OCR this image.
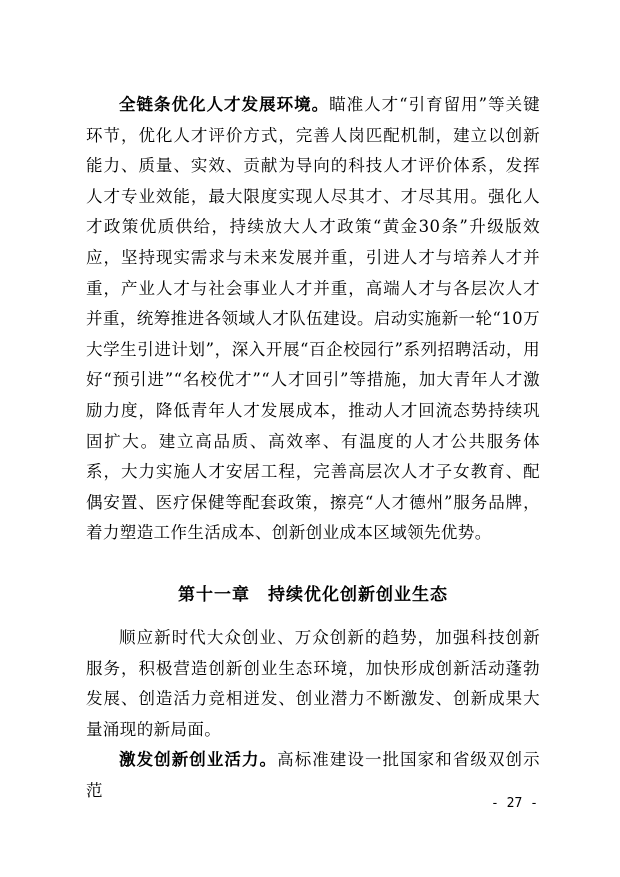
全链条优化人才发展环境。瞄准人才“引育留用”等关键环节，优化人才评价方式，完善人岗匹配机制，建立以创新能力、质量、实效、贡献为导向的科技人才评价体系，发挥人才专业效能，最大限度实现人尽其才、才尽其用。强化人才政策优质供给，持续放大人才政策“黄金30条”升级版效应，坚持现实需求与未来发展并重，引进人才与培养人才并重，产业人才与社会事业人才并重，高端人才与各层次人才并重，统筹推进各领域人才队伍建设。启动实施新一轮“10万大学生引进计划”，深入开展“百企校园行”系列招聘活动，用好“预引进”“名校优才”“人才回引”等措施，加大青年人才激励力度，降低青年人才发展成本，推动人才回流态势持续巩固扩大。建立高品质、高效率、有温度的人才公共服务体系，大力实施人才安居工程，完善高层次人才子女教育、配偶安置、医疗保健等配套政策，擦亮“人才德州”服务品牌，着力塑造工作生活成本、创新创业成本区域领先优势。

第十一章　持续优化创新创业生态

顺应新时代大众创业、万众创新的趋势，加强科技创新服务，积极营造创新创业生态环境，加快形成创新活动蓬勃发展、创造活力竞相迸发、创业潜力不断激发、创新成果大量涌现的新局面。

激发创新创业活力。高标准建设一批国家和省级双创示范

- 27 -
